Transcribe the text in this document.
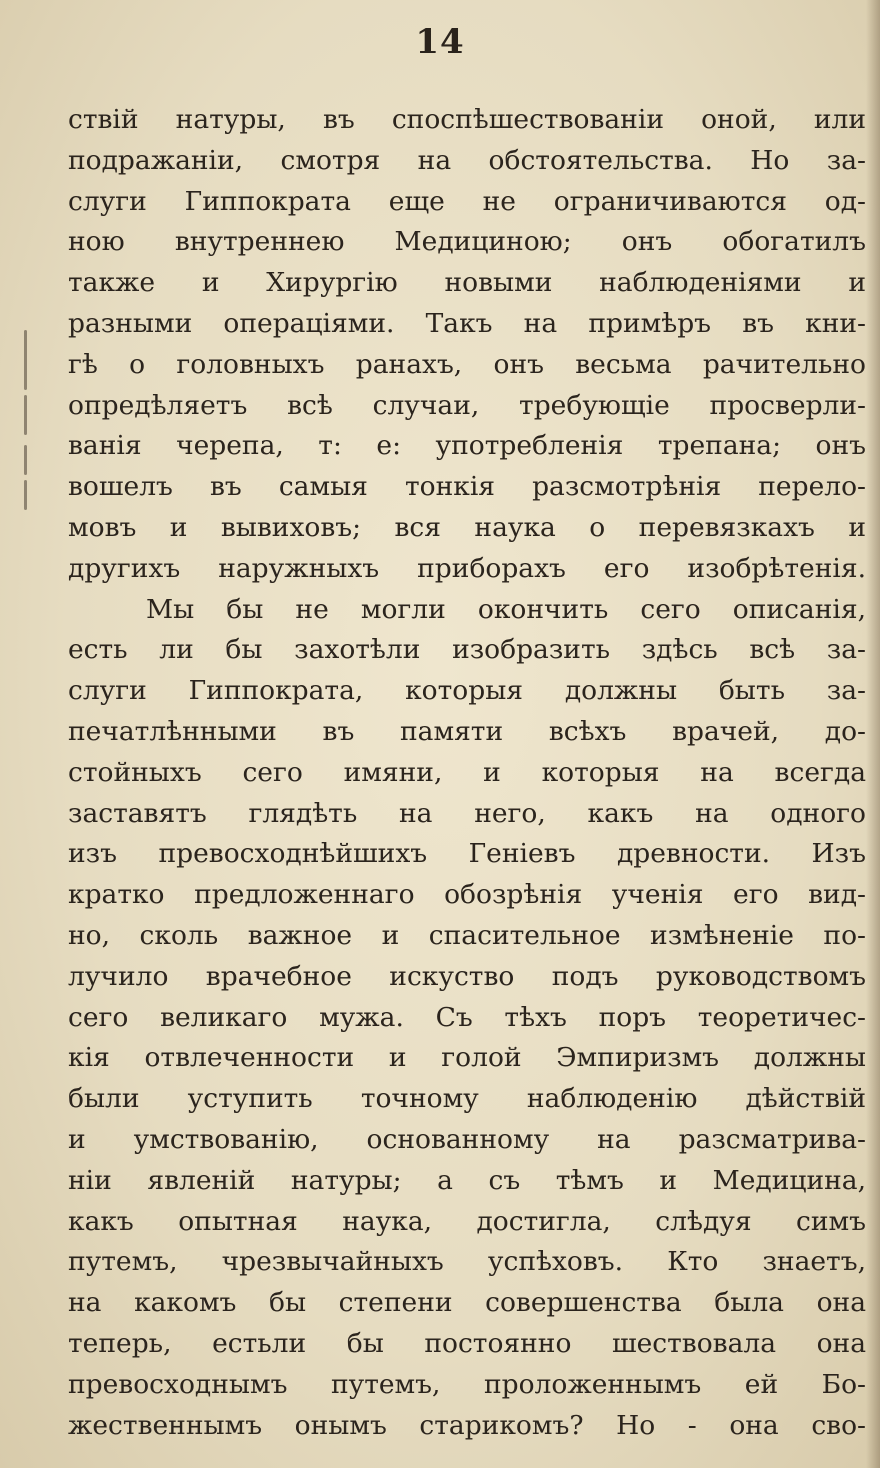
14
ствій натуры, въ споспѣшествованіи оной, или
подражаніи, смотря на обстоятельства. Но за-
слуги Гиппократа еще не ограничиваются од-
ною внутреннею Медициною; онъ обогатилъ
также и Хирургію новыми наблюденіями и
разными операціями. Такъ на примѣръ въ кни-
гѣ о головныхъ ранахъ, онъ весьма рачительно
опредѣляетъ всѣ случаи, требующіе просверли-
ванія черепа, т: е: употребленія трепана; онъ
вошелъ въ самыя тонкія разсмотрѣнія перело-
мовъ и вывиховъ; вся наука о перевязкахъ и
другихъ наружныхъ приборахъ его изобрѣтенія.
Мы бы не могли окончить сего описанія,
есть ли бы захотѣли изобразить здѣсь всѣ за-
слуги Гиппократа, которыя должны быть за-
печатлѣнными въ памяти всѣхъ врачей, до-
стойныхъ сего имяни, и которыя на всегда
заставятъ глядѣть на него, какъ на одного
изъ превосходнѣйшихъ Геніевъ древности. Изъ
кратко предложеннаго обозрѣнія ученія его вид-
но, сколь важное и спасительное измѣненіе по-
лучило врачебное искуство подъ руководствомъ
сего великаго мужа. Съ тѣхъ поръ теоретичес-
кія отвлеченности и голой Эмпиризмъ должны
были уступить точному наблюденію дѣйствій
и умствованію, основанному на разсматрива-
ніи явленій натуры; а съ тѣмъ и Медицина,
какъ опытная наука, достигла, слѣдуя симъ
путемъ, чрезвычайныхъ успѣховъ. Кто знаетъ,
на какомъ бы степени совершенства была она
теперь, естьли бы постоянно шествовала она
превосходнымъ путемъ, проложеннымъ ей Бо-
жественнымъ онымъ старикомъ? Но - она сво-
